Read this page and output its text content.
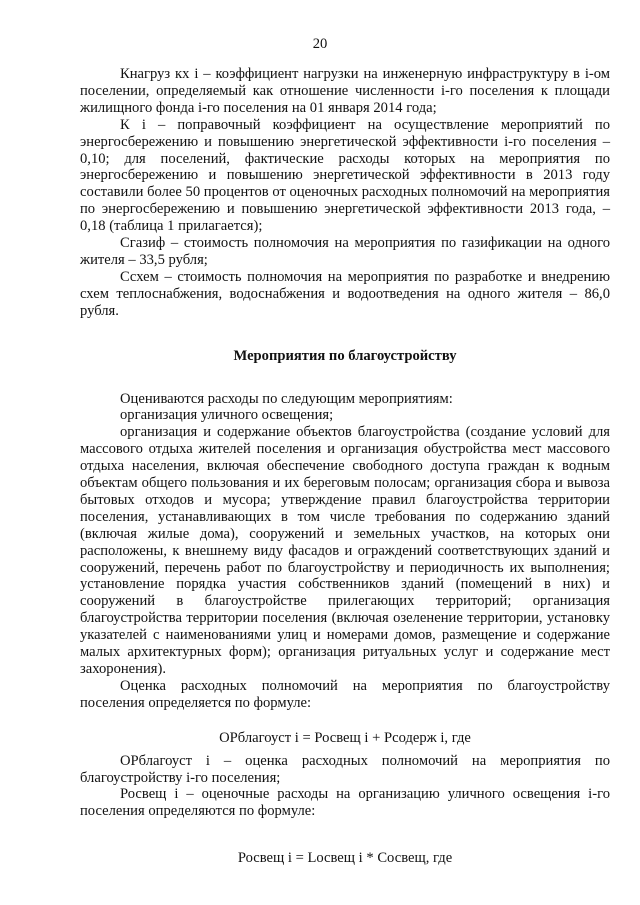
20

Кнагруз кх i – коэффициент нагрузки на инженерную инфраструктуру в i-ом поселении, определяемый как отношение численности i-го поселения к площади жилищного фонда i-го поселения на 01 января 2014 года;

К i – поправочный коэффициент на осуществление мероприятий по энергосбережению и повышению энергетической эффективности i-го поселения – 0,10; для поселений, фактические расходы которых на мероприятия по энергосбережению и повышению энергетической эффективности в 2013 году составили более 50 процентов от оценочных расходных полномочий на мероприятия по энергосбережению и повышению энергетической эффективности 2013 года, – 0,18 (таблица 1 прилагается);

Сгазиф – стоимость полномочия на мероприятия по газификации на одного жителя – 33,5 рубля;

Ссхем – стоимость полномочия на мероприятия по разработке и внедрению схем теплоснабжения, водоснабжения и водоотведения на одного жителя – 86,0 рубля.

Мероприятия по благоустройству

Оцениваются расходы по следующим мероприятиям:

организация уличного освещения;

организация и содержание объектов благоустройства (создание условий для массового отдыха жителей поселения и организация обустройства мест массового отдыха населения, включая обеспечение свободного доступа граждан к водным объектам общего пользования и их береговым полосам; организация сбора и вывоза бытовых отходов и мусора; утверждение правил благоустройства территории поселения, устанавливающих в том числе требования по содержанию зданий (включая жилые дома), сооружений и земельных участков, на которых они расположены, к внешнему виду фасадов и ограждений соответствующих зданий и сооружений, перечень работ по благоустройству и периодичность их выполнения; установление порядка участия собственников зданий (помещений в них) и сооружений в благоустройстве прилегающих территорий; организация благоустройства территории поселения (включая озеленение территории, установку указателей с наименованиями улиц и номерами домов, размещение и содержание малых архитектурных форм); организация ритуальных услуг и содержание мест захоронения).

Оценка расходных полномочий на мероприятия по благоустройству поселения определяется по формуле:

ОРблагоуст i = Росвещ i + Рсодерж i, где

ОРблагоуст i – оценка расходных полномочий на мероприятия по благоустройству i-го поселения;

Росвещ i – оценочные расходы на организацию уличного освещения i-го поселения определяются по формуле:

Росвещ i = Lосвещ i * Сосвещ, где
